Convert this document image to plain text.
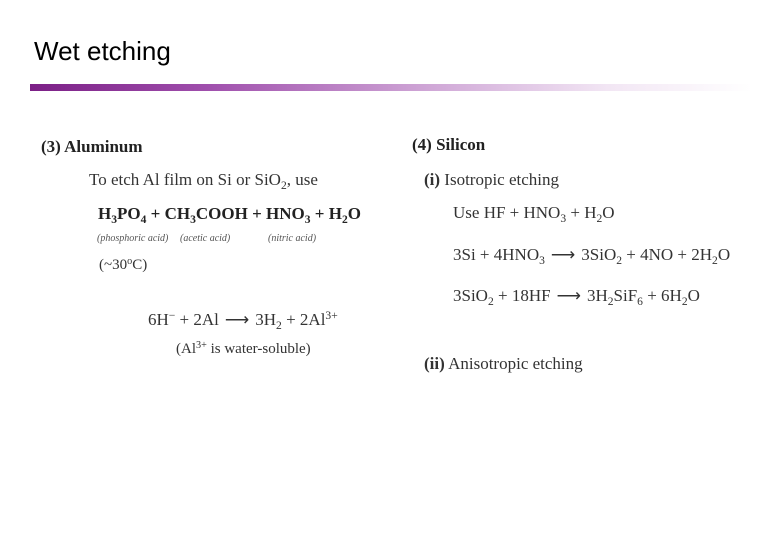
Wet etching
(3) Aluminum
To etch Al film on Si or SiO$_2$, use
$H_3PO_4$ + $CH_3COOH + HNO_3 + H_2O$
(phosphoric acid) (acetic acid)	(nitric acid)
(~30$^o$C)
6H− + 2Al ⟶ $3H_2 + 2Al^{3+}$
($Al^{3+}$ is water-soluble)
(4) Silicon
(i) Isotropic etching
Use HF + $HNO_3 + H_2O$
$3Si + 4HNO_3$ ⟶ $3SiO_2 + 4NO + 2H_2O$
3SiO$_2$ + 18HF ⟶ $3H_2SiF_6 + 6H_2O$
(ii) Anisotropic etching
